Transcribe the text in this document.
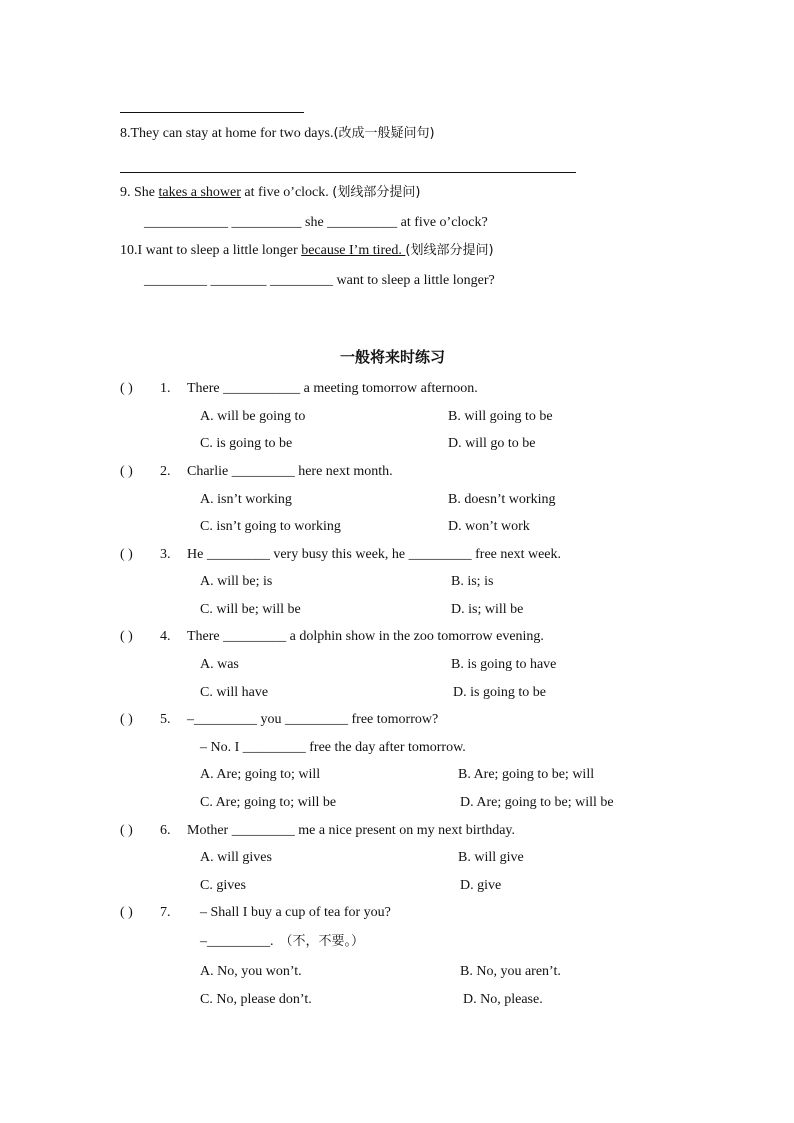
8.They can stay at home for two days.(改成一般疑问句)
9. She takes a shower at five o’clock. (划线部分提问)
____________ __________ she __________ at five o’clock?
10.I want to sleep a little longer because I’m tired. (划线部分提问)
_________ ________ _________ want to sleep a little longer?
一般将来时练习
( ) 1. There ___________ a meeting tomorrow afternoon.
A. will be going to	B. will going to be
C. is going to be	D. will go to be
( ) 2. Charlie _________ here next month.
A. isn’t working	B. doesn’t working
C. isn’t going to working	D. won’t work
( ) 3. He _________ very busy this week, he _________ free next week.
A. will be; is	B. is; is
C. will be; will be	D. is; will be
( ) 4. There _________ a dolphin show in the zoo tomorrow evening.
A. was	B. is going to have
C. will have	D. is going to be
( ) 5. –_________ you _________ free tomorrow?
– No. I _________ free the day after tomorrow.
A. Are; going to; will	B. Are; going to be; will
C. Are; going to; will be	D. Are; going to be; will be
( ) 6. Mother _________ me a nice present on my next birthday.
A. will gives	B. will give
C. gives	D. give
( ) 7. – Shall I buy a cup of tea for you?
–_________. （不，不要。）
A. No, you won’t.	B. No, you aren’t.
C. No, please don’t.	D. No, please.
